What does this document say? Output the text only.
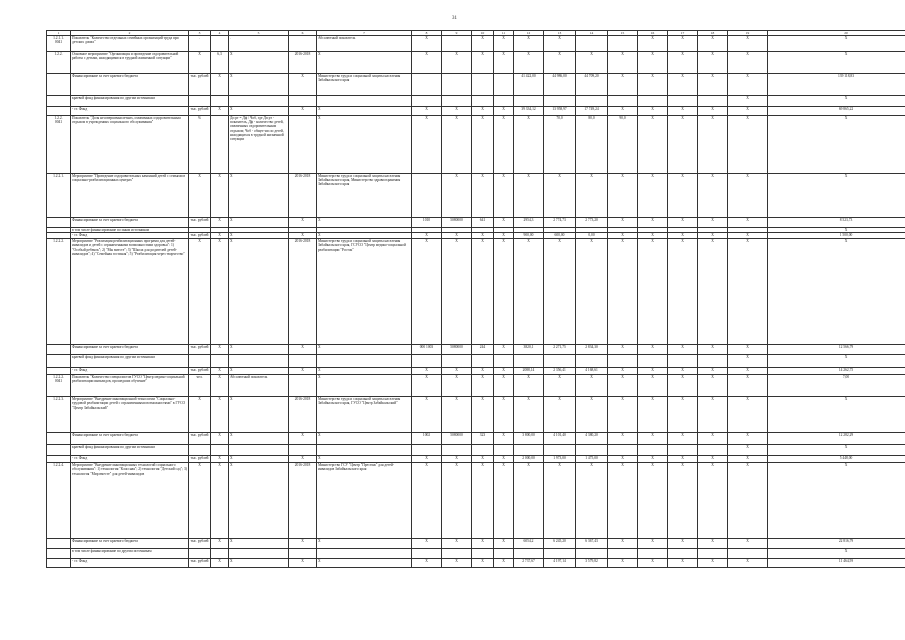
31
1	2	3	4	5	6	7	8	9	10	11	12	13	14	15	16	17	18	19	20
1.2.1.1.
0041	Показатель "Количество отдельных семейных организаций труда при детских домах"	.		.		Абсолютный показатель	X		X	X	X	X			X	X	X	X	X
1.2.2.	Основное мероприятие "Организация и проведение оздоровительной работы с детьми, находящимися в трудной жизненной ситуации"	X	6,3	X	2016-2018	X	X	X	X	X	X	X	X	X	X	X	X	X	X
	Финансирование за счет краевого бюджета	тыс. рублей	X	X	X	Министерство труда и социальной защиты населения Забайкальского края					41 422,00	44 986,00	44 709,20	X	X	X	X	X	139 118,83
	краевой фонд финансирования по другим источникам																	X	X
	- ст. Фонд	тыс. рублей	X	X	X	X	X	X	X	X	39 334,12	13 958,97	17 749,24	X	X	X	X	X	69 865,22
1.2.2.
0041	Показатель "Доля несовершеннолетних, охваченных оздоровительным отдыхом в учреждениях социального обслуживания"	%		Дп рт = Дф / Чоб, где Дп рт - показатель, Дф - количество детей, охваченных оздоровительным отдыхом; Чоб - общее число детей, находящихся в трудной жизненной ситуации		X	X	X	X	X	X	70,0	80,0	90,0	X	X	X	X	X
1.2.2.1.	Мероприятие "Проведение оздоровительных кампаний детей с семьями в социально-реабилитационных центрах"	X	X	X	2016-2018	Министерство труда и социальной защиты населения Забайкальского края, Министерство здравоохранения Забайкальского края		X	X	X	X	X	X	X	X	X	X	X	X
	Финансирование за счет краевого бюджета	тыс. рублей	X	X	X	X	1010	5080000	641	X	2954,3	2 774,73	2 773,20	X	X	X	X	X	8 523,73
	в том числе финансирование по иным источникам																		X
	- ст. Фонд	тыс. рублей	X	X	X	X	X	X	X	X	900,00	600,00	0,00	X	X	X	X	X	1 500,00
1.2.2.2.	Мероприятие "Реализация реабилитационных программ для детей-инвалидов и детей с ограниченными возможностями здоровья": 1) "Особый ребенок"; 2) "Мы вместе"; 3) "Школа для родителей детей-инвалидов"; 4) "Семейная гостиная"; 5) "Реабилитация через творчество"	X	X	X	2016-2018	Министерство труда и социальной защиты населения Забайкальского края, ГСУСО "Центр медико-социальной реабилитации "Росток"	X	X	X	X	X	X	X	X	X	X	X	X	X
	Финансирование за счет краевого бюджета	тыс. рублей	X	X	X	X	000 1003	5080000	244	X	3820,1	2 271,75	2 834,30	X	X	X	X	X	12 566,79
	краевой фонд финансирования по другим источникам																	X	X
	- ст. Фонд	тыс. рублей	X	X	X	X	X	X	X	X	2088,14	2 356,41	4 168,61	X	X	X	X	X	14 262,75
1.2.2.2.
0041	Показатель "Количество специалистов ГУСО "Центр медико-социальной реабилитации инвалидов, прошедших обучение"	чел.	X	Абсолютный показатель		X	X	X	X	X	X	X	X	X	X	X	X	X	7,00
1.2.2.3.	Мероприятие "Внедрение инновационной технологии "Социально-трудовой реабилитации детей с ограниченными возможностями" в ГУСО "Центр Забайкальский"	X	X	X	2016-2018	Министерство труда и социальной защиты населения Забайкальского края, ГУСО "Центр Забайкальский"	X	X	X	X	X	X	X	X	X	X	X	X	X
	Финансирование за счет краевого бюджета	тыс. рублей	X	X	X	X	1002	5080000	323	X	3 800,00	4 101,40	4 380,20	X	X	X	X	X	12 282,29
	краевой фонд финансирования по другим источникам																	X	X
	- ст. Фонд	тыс. рублей	X	X	X	X	X	X	X	X	2 000,00	1 973,00	1 475,00	X	X	X	X	X	5 448,00
1.2.2.4.	Мероприятие "Внедрение инновационных технологий социального обслуживания": 1) технология "Классная"; 2) технология "Детский сад"; 3) технология "Мир вместе" для детей-инвалидов	X	X	X	2016-2018	Министерство ГСУ "Центр "Престиж" для детей-инвалидов Забайкальского края	X	X	X	X	X	X	X	X	X	X	X	X	X
	Финансирование за счет краевого бюджета	тыс. рублей	X	X	X	X	X	X	X	X	6054,2	6 245,20	6 367,43	X	X	X	X	X	22 816,79
	в том числе финансирование по другим источникам																		X
	- ст. Фонд	тыс. рублей	X	X	X	X	X	X	X	X	2 737,67	4 197,14	3 579,82	X	X	X	X	X	11 464,59
